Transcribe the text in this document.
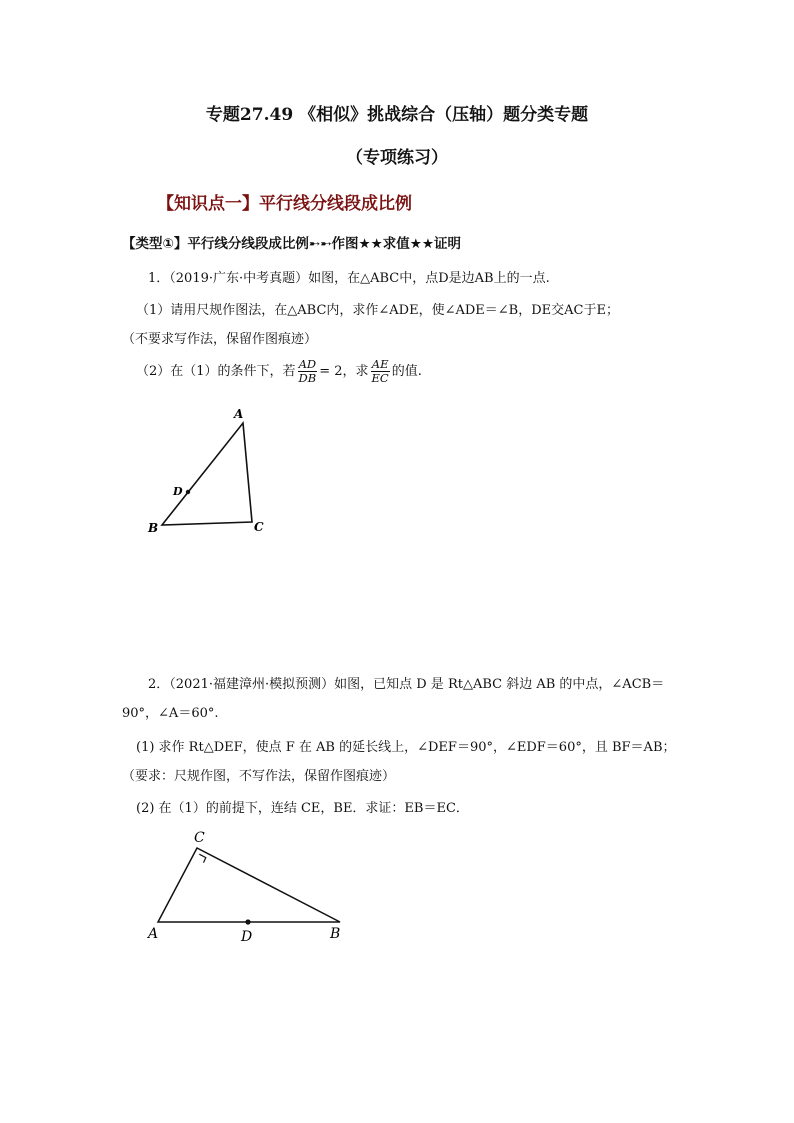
专题27.49 《相似》挑战综合（压轴）题分类专题
（专项练习）
【知识点一】平行线分线段成比例
【类型①】平行线分线段成比例➸➸作图★★求值★★证明
1．（2019·广东·中考真题）如图，在△ABC中，点D是边AB上的一点.
（1）请用尺规作图法，在△ABC内，求作∠ADE，使∠ADE＝∠B，DE交AC于E；
（不要求写作法，保留作图痕迹）
（2）在（1）的条件下，若 $\frac{AD}{DB} = 2$，求 $\frac{AE}{EC}$ 的值.
A
B	C
D
2．（2021·福建漳州·模拟预测）如图，已知点 D 是 Rt△ABC 斜边 AB 的中点，∠ACB＝
90°，∠A＝60°.
(1) 求作 Rt△DEF，使点 F 在 AB 的延长线上，∠DEF＝90°，∠EDF＝60°，且 BF＝AB；
（要求：尺规作图，不写作法，保留作图痕迹）
(2) 在（1）的前提下，连结 CE，BE．求证：EB＝EC．
C
A	D	B
